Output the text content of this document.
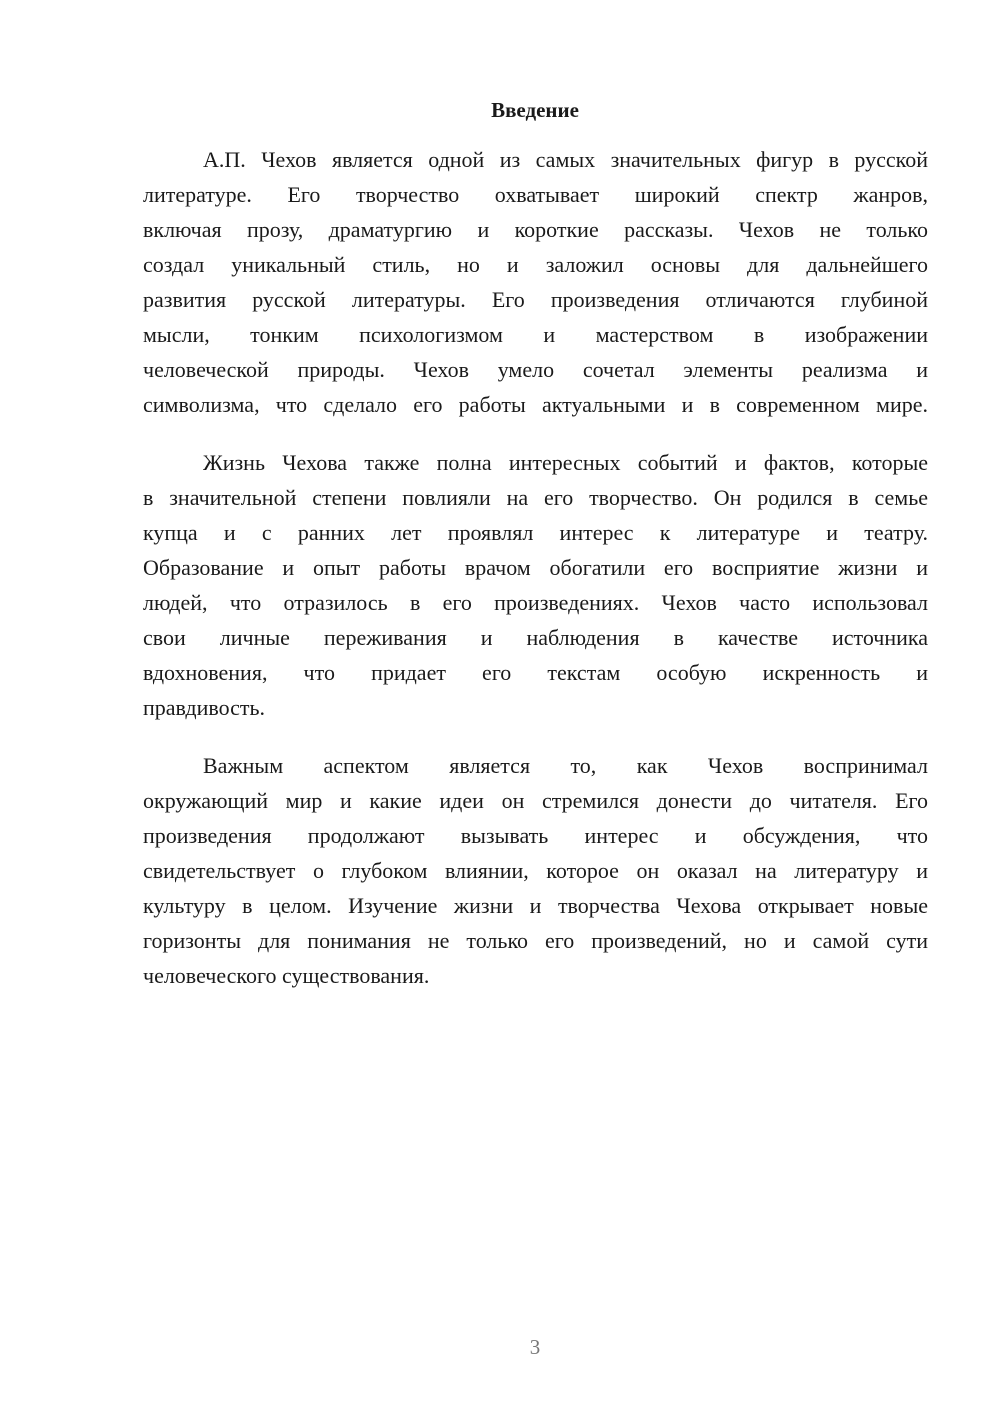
Введение
А.П. Чехов является одной из самых значительных фигур в русской
литературе. Его творчество охватывает широкий спектр жанров,
включая прозу, драматургию и короткие рассказы. Чехов не только
создал уникальный стиль, но и заложил основы для дальнейшего
развития русской литературы. Его произведения отличаются глубиной
мысли, тонким психологизмом и мастерством в изображении
человеческой природы. Чехов умело сочетал элементы реализма и
символизма, что сделало его работы актуальными и в современном мире.
Жизнь Чехова также полна интересных событий и фактов, которые
в значительной степени повлияли на его творчество. Он родился в семье
купца и с ранних лет проявлял интерес к литературе и театру.
Образование и опыт работы врачом обогатили его восприятие жизни и
людей, что отразилось в его произведениях. Чехов часто использовал
свои личные переживания и наблюдения в качестве источника
вдохновения, что придает его текстам особую искренность и
правдивость.
Важным аспектом является то, как Чехов воспринимал
окружающий мир и какие идеи он стремился донести до читателя. Его
произведения продолжают вызывать интерес и обсуждения, что
свидетельствует о глубоком влиянии, которое он оказал на литературу и
культуру в целом. Изучение жизни и творчества Чехова открывает новые
горизонты для понимания не только его произведений, но и самой сути
человеческого существования.
3
